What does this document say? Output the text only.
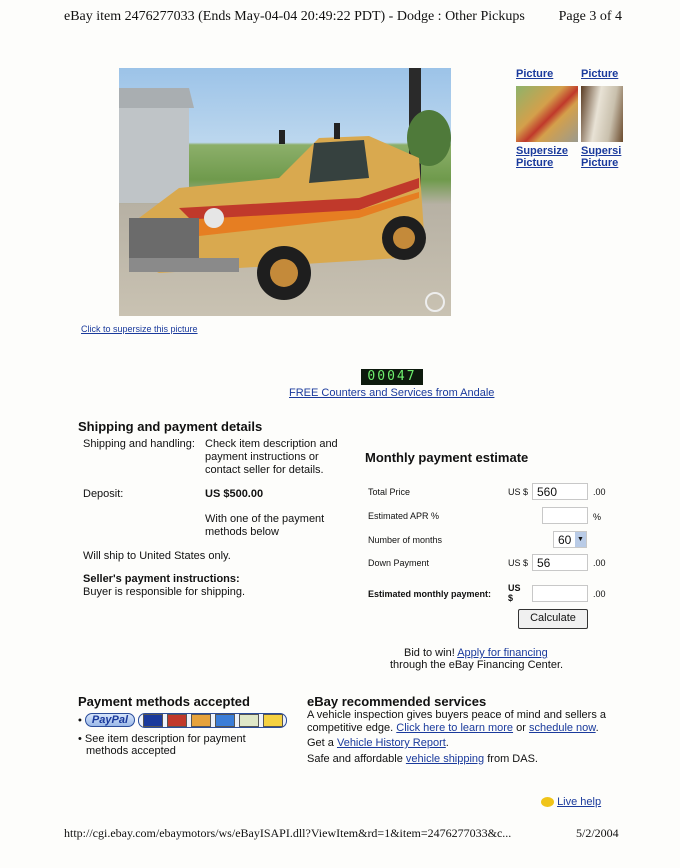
eBay item 2476277033 (Ends May-04-04 20:49:22 PDT) - Dodge : Other Pickups Page 3 of 4
Click to supersize this picture
Picture
Supersize
Picture
Picture
Supersi
Picture
00047
FREE Counters and Services from Andale
Shipping and payment details
Shipping and handling: Check item description and
payment instructions or
contact seller for details.
Deposit:	US $500.00
With one of the payment
methods below
Will ship to United States only.
Seller's payment instructions:
Buyer is responsible for shipping.
Monthly payment estimate
Total Price	US $ 560	.00
Estimated APR %	%
Number of months	60 ▼
Down Payment	US $ 56	.00
Estimated monthly payment:
US
$	.00
Calculate
Bid to win! Apply for financing
through the eBay Financing Center.
Payment methods accepted
• PayPal
• See item description for payment
methods accepted
eBay recommended services
A vehicle inspection gives buyers peace of mind and sellers a
competitive edge. Click here to learn more or schedule now.
Get a Vehicle History Report.
Safe and affordable vehicle shipping from DAS.
Live help
http://cgi.ebay.com/ebaymotors/ws/eBayISAPI.dll?ViewItem&rd=1&item=2476277033&c...	5/2/2004
